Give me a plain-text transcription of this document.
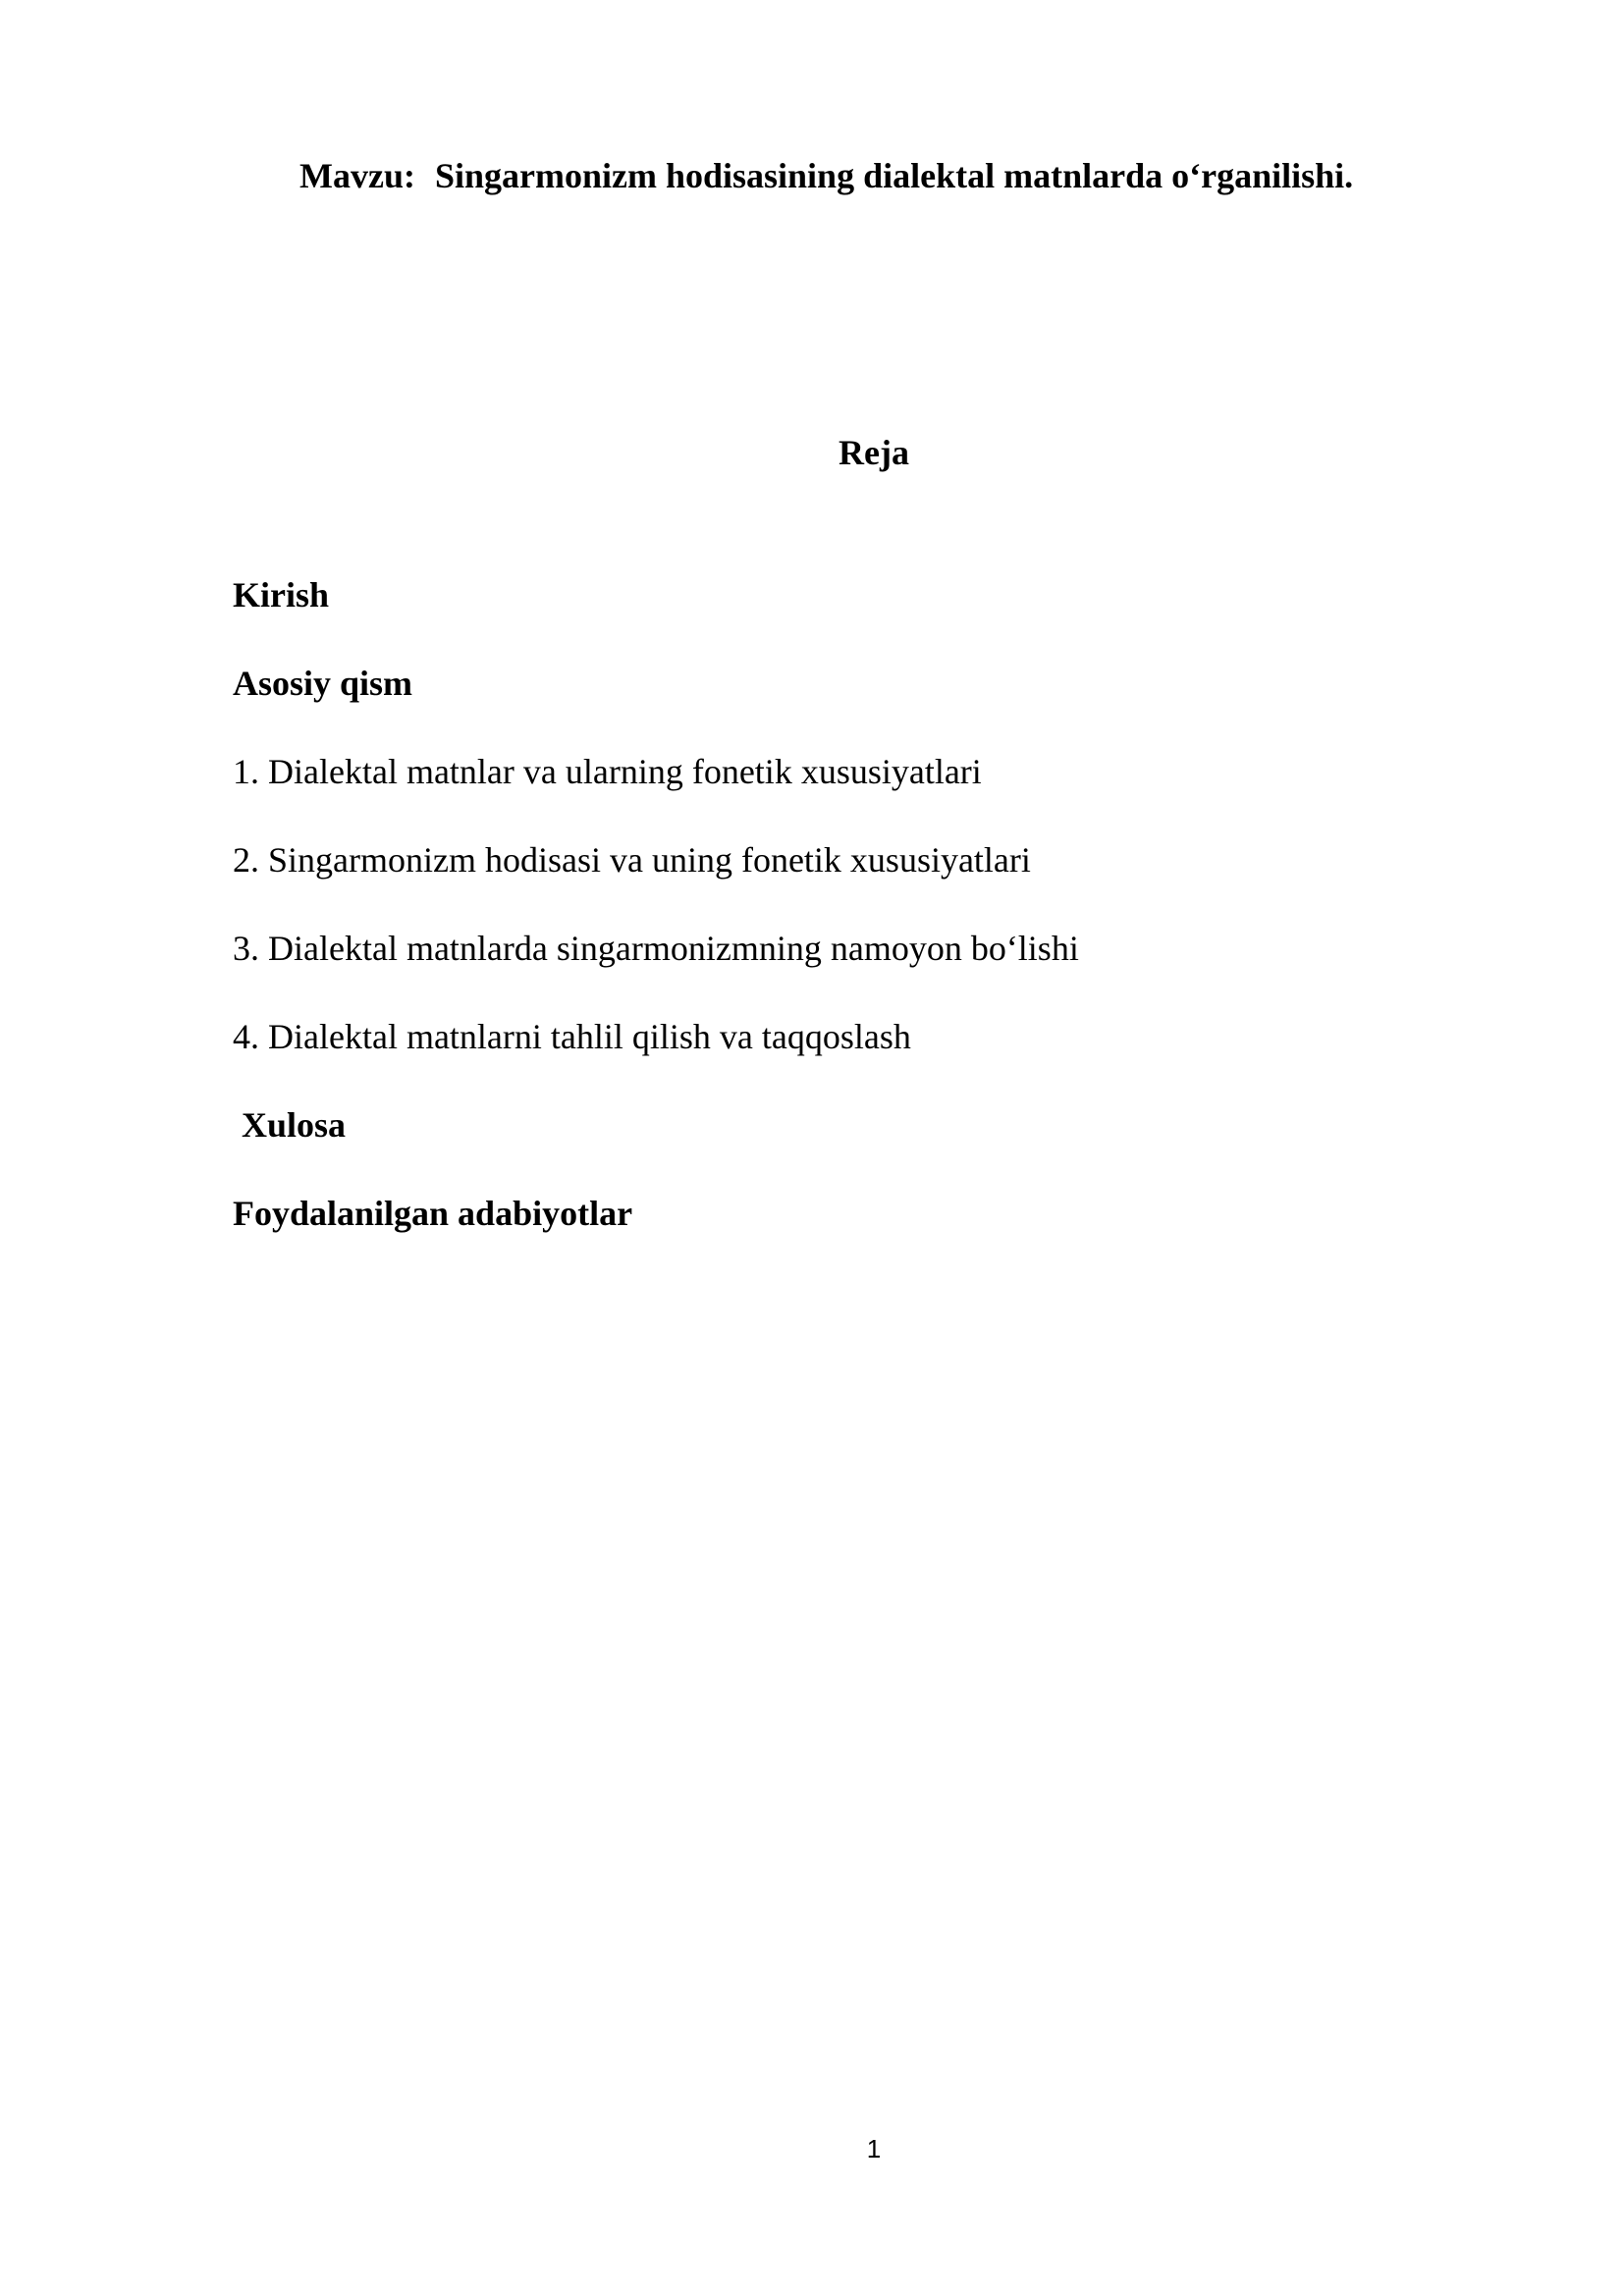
Mavzu: Singarmonizm hodisasining dialektal matnlarda o‘rganilishi.
Reja
Kirish
Asosiy qism
1. Dialektal matnlar va ularning fonetik xususiyatlari
2. Singarmonizm hodisasi va uning fonetik xususiyatlari
3. Dialektal matnlarda singarmonizmning namoyon bo‘lishi
4. Dialektal matnlarni tahlil qilish va taqqoslash
Xulosa
Foydalanilgan adabiyotlar
1
